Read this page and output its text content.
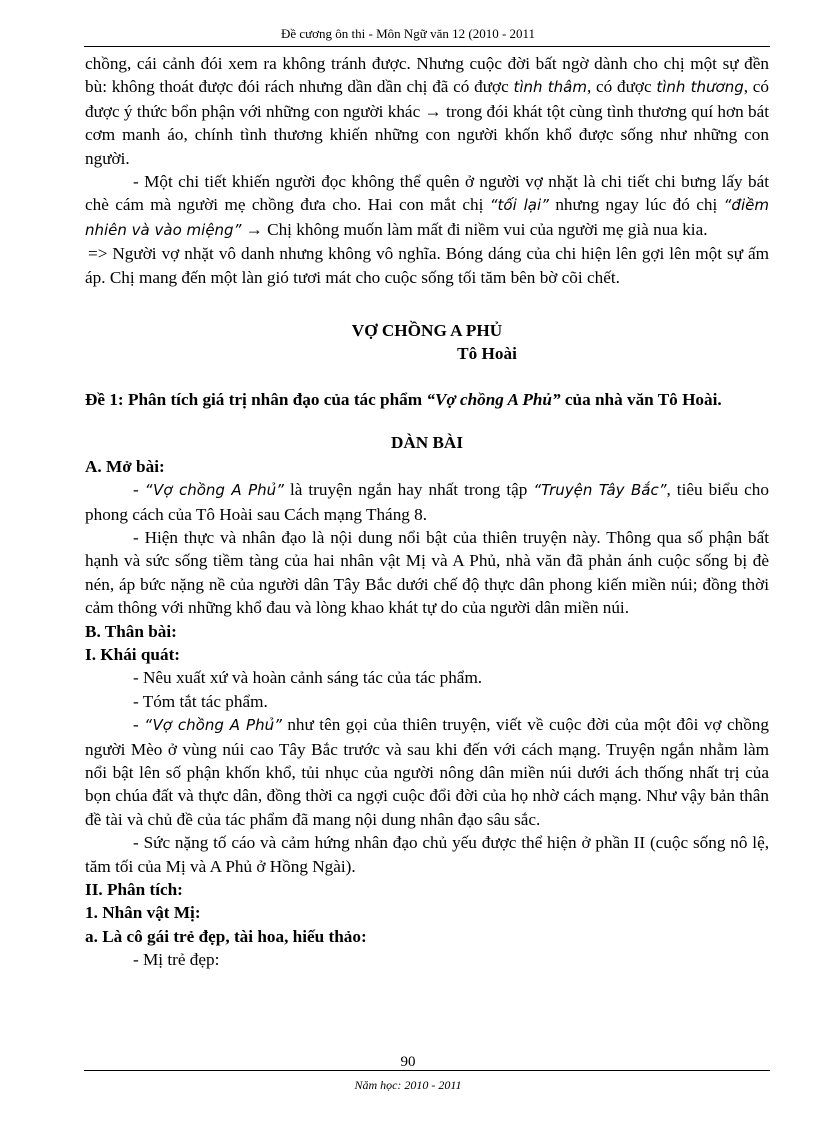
Đề cương ôn thi - Môn Ngữ văn 12 (2010 - 2011

chồng, cái cảnh đói xem ra không tránh được. Nhưng cuộc đời bất ngờ dành cho chị một sự đền bù: không thoát được đói rách nhưng dần dần chị đã có được tình thâm, có được tình thương, có được ý thức bổn phận với những con người khác → trong đói khát tột cùng tình thương quí hơn bát cơm manh áo, chính tình thương khiến những con người khốn khổ được sống như những con người.

- Một chi tiết khiến người đọc không thể quên ở người vợ nhặt là chi tiết chi bưng lấy bát chè cám mà người mẹ chồng đưa cho. Hai con mắt chị “tối lại” nhưng ngay lúc đó chị “điềm nhiên và vào miệng” → Chị không muốn làm mất đi niềm vui của người mẹ già nua kia.

=> Người vợ nhặt vô danh nhưng không vô nghĩa. Bóng dáng của chi hiện lên gợi lên một sự ấm áp. Chị mang đến một làn gió tươi mát cho cuộc sống tối tăm bên bờ cõi chết.

VỢ CHỒNG A PHỦ

Tô Hoài

Đề 1: Phân tích giá trị nhân đạo của tác phẩm “Vợ chồng A Phủ” của nhà văn Tô Hoài.

DÀN BÀI

A. Mở bài:

- “Vợ chồng A Phủ” là truyện ngắn hay nhất trong tập “Truyện Tây Bắc”, tiêu biểu cho phong cách của Tô Hoài sau Cách mạng Tháng 8.

- Hiện thực và nhân đạo là nội dung nổi bật của thiên truyện này. Thông qua số phận bất hạnh và sức sống tiềm tàng của hai nhân vật Mị và A Phủ, nhà văn đã phản ánh cuộc sống bị đè nén, áp bức nặng nề của người dân Tây Bắc dưới chế độ thực dân phong kiến miền núi; đồng thời cảm thông với những khổ đau và lòng khao khát tự do của người dân miền núi.

B. Thân bài:

I. Khái quát:

- Nêu xuất xứ và hoàn cảnh sáng tác của tác phẩm.

- Tóm tắt tác phẩm.

- “Vợ chồng A Phủ” như tên gọi của thiên truyện, viết về cuộc đời của một đôi vợ chồng người Mèo ở vùng núi cao Tây Bắc trước và sau khi đến với cách mạng. Truyện ngắn nhằm làm nổi bật lên số phận khốn khổ, tủi nhục của người nông dân miền núi dưới ách thống nhất trị của bọn chúa đất và thực dân, đồng thời ca ngợi cuộc đổi đời của họ nhờ cách mạng. Như vậy bản thân đề tài và chủ đề của tác phẩm đã mang nội dung nhân đạo sâu sắc.

- Sức nặng tố cáo và cảm hứng nhân đạo chủ yếu được thể hiện ở phần II (cuộc sống nô lệ, tăm tối của Mị và A Phủ ở Hồng Ngài).

II. Phân tích:

1. Nhân vật Mị:

a. Là cô gái trẻ đẹp, tài hoa, hiếu thảo:

- Mị trẻ đẹp:

90
Năm học: 2010 - 2011
